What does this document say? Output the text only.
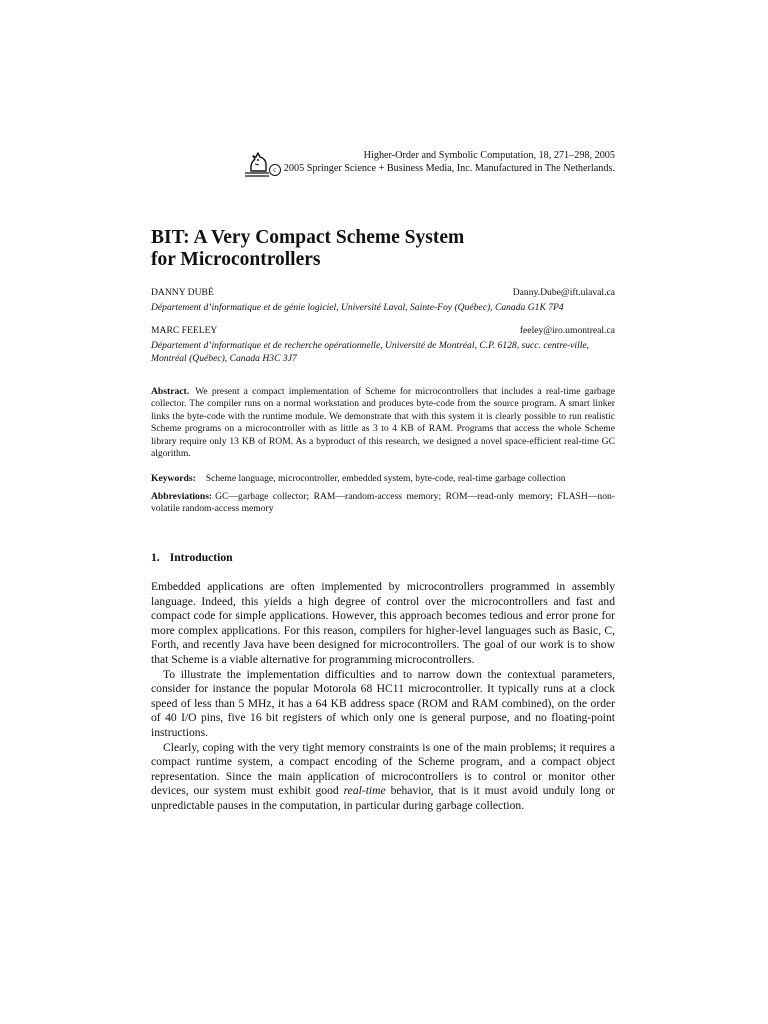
Higher-Order and Symbolic Computation, 18, 271–298, 2005
c 2005 Springer Science + Business Media, Inc. Manufactured in The Netherlands.
BIT: A Very Compact Scheme System
for Microcontrollers
DANNY DUBÉ	Danny.Dube@ift.ulaval.ca
Département d’informatique et de génie logiciel, Université Laval, Sainte-Foy (Québec), Canada G1K 7P4
MARC FEELEY	feeley@iro.umontreal.ca
Département d’informatique et de recherche opérationnelle, Université de Montréal, C.P. 6128, succ. centre-ville, Montréal (Québec), Canada H3C 3J7

Abstract. We present a compact implementation of Scheme for microcontrollers that includes a real-time garbage collector. The compiler runs on a normal workstation and produces byte-code from the source program. A smart linker links the byte-code with the runtime module. We demonstrate that with this system it is clearly possible to run realistic Scheme programs on a microcontroller with as little as 3 to 4 KB of RAM. Programs that access the whole Scheme library require only 13 KB of ROM. As a byproduct of this research, we designed a novel space-efficient real-time GC algorithm.

Keywords: Scheme language, microcontroller, embedded system, byte-code, real-time garbage collection
Abbreviations: GC—garbage collector; RAM—random-access memory; ROM—read-only memory; FLASH—non-volatile random-access memory
1. Introduction

Embedded applications are often implemented by microcontrollers programmed in assembly language. Indeed, this yields a high degree of control over the microcontrollers and fast and compact code for simple applications. However, this approach becomes tedious and error prone for more complex applications. For this reason, compilers for higher-level languages such as Basic, C, Forth, and recently Java have been designed for microcontrollers. The goal of our work is to show that Scheme is a viable alternative for programming microcontrollers.

To illustrate the implementation difficulties and to narrow down the contextual parameters, consider for instance the popular Motorola 68 HC11 microcontroller. It typically runs at a clock speed of less than 5 MHz, it has a 64 KB address space (ROM and RAM combined), on the order of 40 I/O pins, five 16 bit registers of which only one is general purpose, and no floating-point instructions.

Clearly, coping with the very tight memory constraints is one of the main problems; it requires a compact runtime system, a compact encoding of the Scheme program, and a compact object representation. Since the main application of microcontrollers is to control or monitor other devices, our system must exhibit good real-time behavior, that is it must avoid unduly long or unpredictable pauses in the computation, in particular during garbage collection.
